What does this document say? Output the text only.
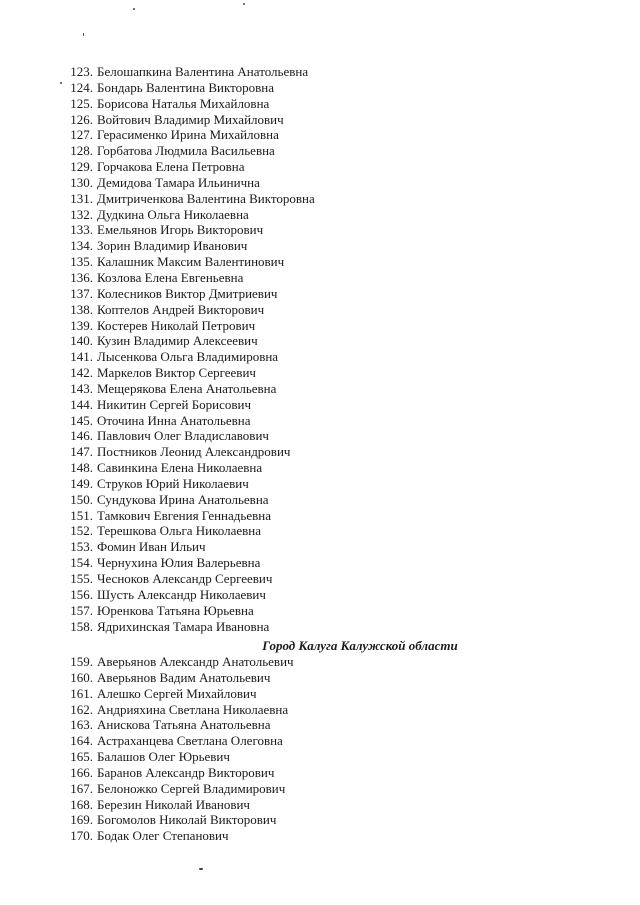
123. Белошапкина Валентина Анатольевна
124. Бондарь Валентина Викторовна
125. Борисова Наталья Михайловна
126. Войтович Владимир Михайлович
127. Герасименко Ирина Михайловна
128. Горбатова Людмила Васильевна
129. Горчакова Елена Петровна
130. Демидова Тамара Ильинична
131. Дмитриченкова Валентина Викторовна
132. Дудкина Ольга Николаевна
133. Емельянов Игорь Викторович
134. Зорин Владимир Иванович
135. Калашник Максим Валентинович
136. Козлова Елена Евгеньевна
137. Колесников Виктор Дмитриевич
138. Коптелов Андрей Викторович
139. Костерев Николай Петрович
140. Кузин Владимир Алексеевич
141. Лысенкова Ольга Владимировна
142. Маркелов Виктор Сергеевич
143. Мещерякова Елена Анатольевна
144. Никитин Сергей Борисович
145. Оточина Инна Анатольевна
146. Павлович Олег Владиславович
147. Постников Леонид Александрович
148. Савинкина Елена Николаевна
149. Струков Юрий Николаевич
150. Сундукова Ирина Анатольевна
151. Тамкович Евгения Геннадьевна
152. Терешкова Ольга Николаевна
153. Фомин Иван Ильич
154. Чернухина Юлия Валерьевна
155. Чесноков Александр Сергеевич
156. Шусть Александр Николаевич
157. Юренкова Татьяна Юрьевна
158. Ядрихинская Тамара Ивановна
Город Калуга Калужской области
159. Аверьянов Александр Анатольевич
160. Аверьянов Вадим Анатольевич
161. Алешко Сергей Михайлович
162. Андрияхина Светлана Николаевна
163. Анискова Татьяна Анатольевна
164. Астраханцева Светлана Олеговна
165. Балашов Олег Юрьевич
166. Баранов Александр Викторович
167. Белоножко Сергей Владимирович
168. Березин Николай Иванович
169. Богомолов Николай Викторович
170. Бодак Олег Степанович
